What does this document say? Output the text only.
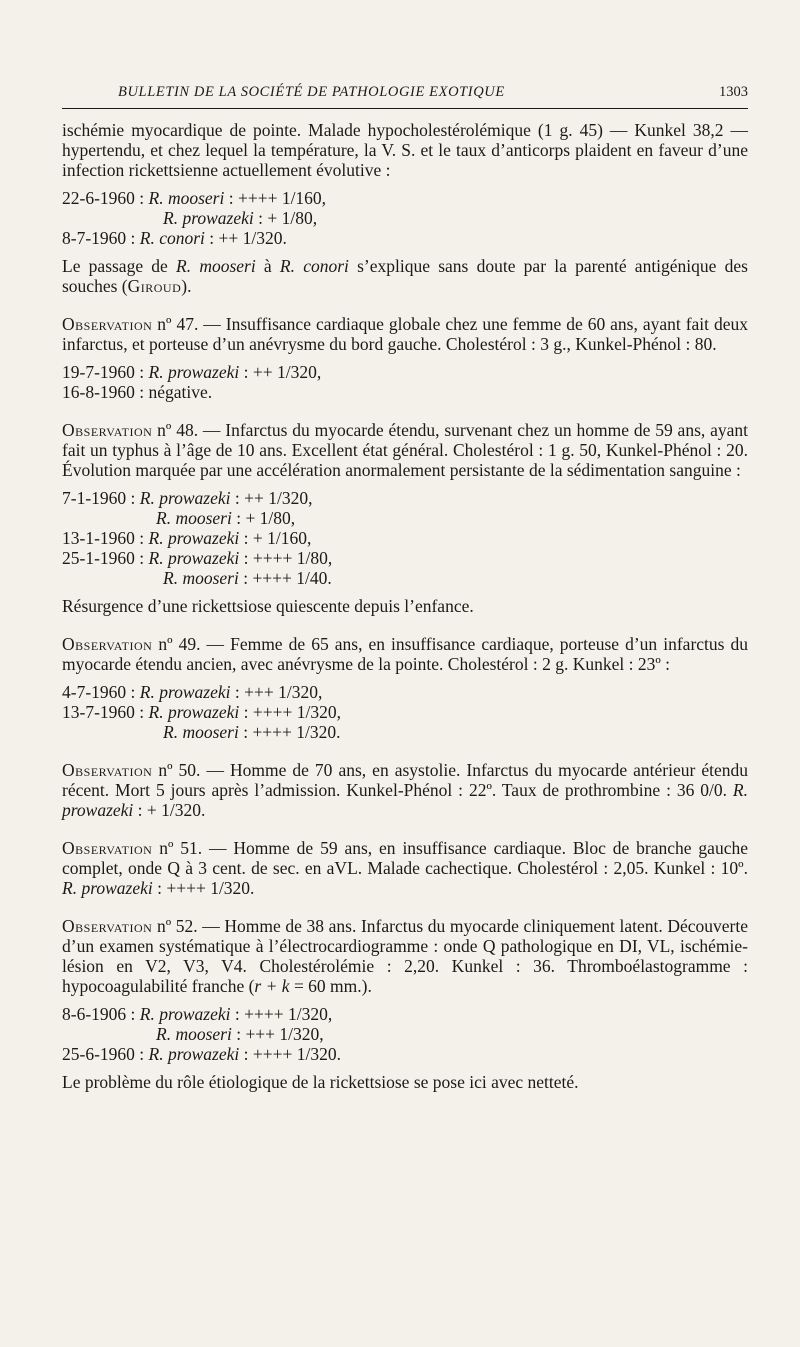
BULLETIN DE LA SOCIÉTÉ DE PATHOLOGIE EXOTIQUE	1303

ischémie myocardique de pointe. Malade hypocholestérolémique (1 g. 45) — Kunkel 38,2 — hypertendu, et chez lequel la température, la V. S. et le taux d’anticorps plaident en faveur d’une infection rickettsienne actuellement évolutive :

22-6-1960 : R. mooseri : ++++ 1/160,
R. prowazeki : + 1/80,
8-7-1960 : R. conori : ++ 1/320.

Le passage de R. mooseri à R. conori s’explique sans doute par la parenté antigénique des souches (Giroud).

Observation nº 47. — Insuffisance cardiaque globale chez une femme de 60 ans, ayant fait deux infarctus, et porteuse d’un anévrysme du bord gauche. Cholestérol : 3 g., Kunkel-Phénol : 80.

19-7-1960 : R. prowazeki : ++ 1/320,
16-8-1960 : négative.

Observation nº 48. — Infarctus du myocarde étendu, survenant chez un homme de 59 ans, ayant fait un typhus à l’âge de 10 ans. Excellent état général. Cholestérol : 1 g. 50, Kunkel-Phénol : 20. Évolution marquée par une accélération anormalement persistante de la sédimentation sanguine :

7-1-1960 : R. prowazeki : ++ 1/320,
R. mooseri : + 1/80,
13-1-1960 : R. prowazeki : + 1/160,
25-1-1960 : R. prowazeki : ++++ 1/80,
R. mooseri : ++++ 1/40.

Résurgence d’une rickettsiose quiescente depuis l’enfance.

Observation nº 49. — Femme de 65 ans, en insuffisance cardiaque, porteuse d’un infarctus du myocarde étendu ancien, avec anévrysme de la pointe. Cholestérol : 2 g. Kunkel : 23º :

4-7-1960 : R. prowazeki : +++ 1/320,
13-7-1960 : R. prowazeki : ++++ 1/320,
R. mooseri : ++++ 1/320.

Observation nº 50. — Homme de 70 ans, en asystolie. Infarctus du myocarde antérieur étendu récent. Mort 5 jours après l’admission. Kunkel-Phénol : 22º. Taux de prothrombine : 36 0/0. R. prowazeki : + 1/320.

Observation nº 51. — Homme de 59 ans, en insuffisance cardiaque. Bloc de branche gauche complet, onde Q à 3 cent. de sec. en aVL. Malade cachectique. Cholestérol : 2,05. Kunkel : 10º. R. prowazeki : ++++ 1/320.

Observation nº 52. — Homme de 38 ans. Infarctus du myocarde cliniquement latent. Découverte d’un examen systématique à l’électrocardiogramme : onde Q pathologique en DI, VL, ischémie-lésion en V2, V3, V4. Cholestérolémie : 2,20. Kunkel : 36. Thromboélastogramme : hypocoagulabilité franche (r + k = 60 mm.).

8-6-1906 : R. prowazeki : ++++ 1/320,
R. mooseri : +++ 1/320,
25-6-1960 : R. prowazeki : ++++ 1/320.

Le problème du rôle étiologique de la rickettsiose se pose ici avec netteté.
